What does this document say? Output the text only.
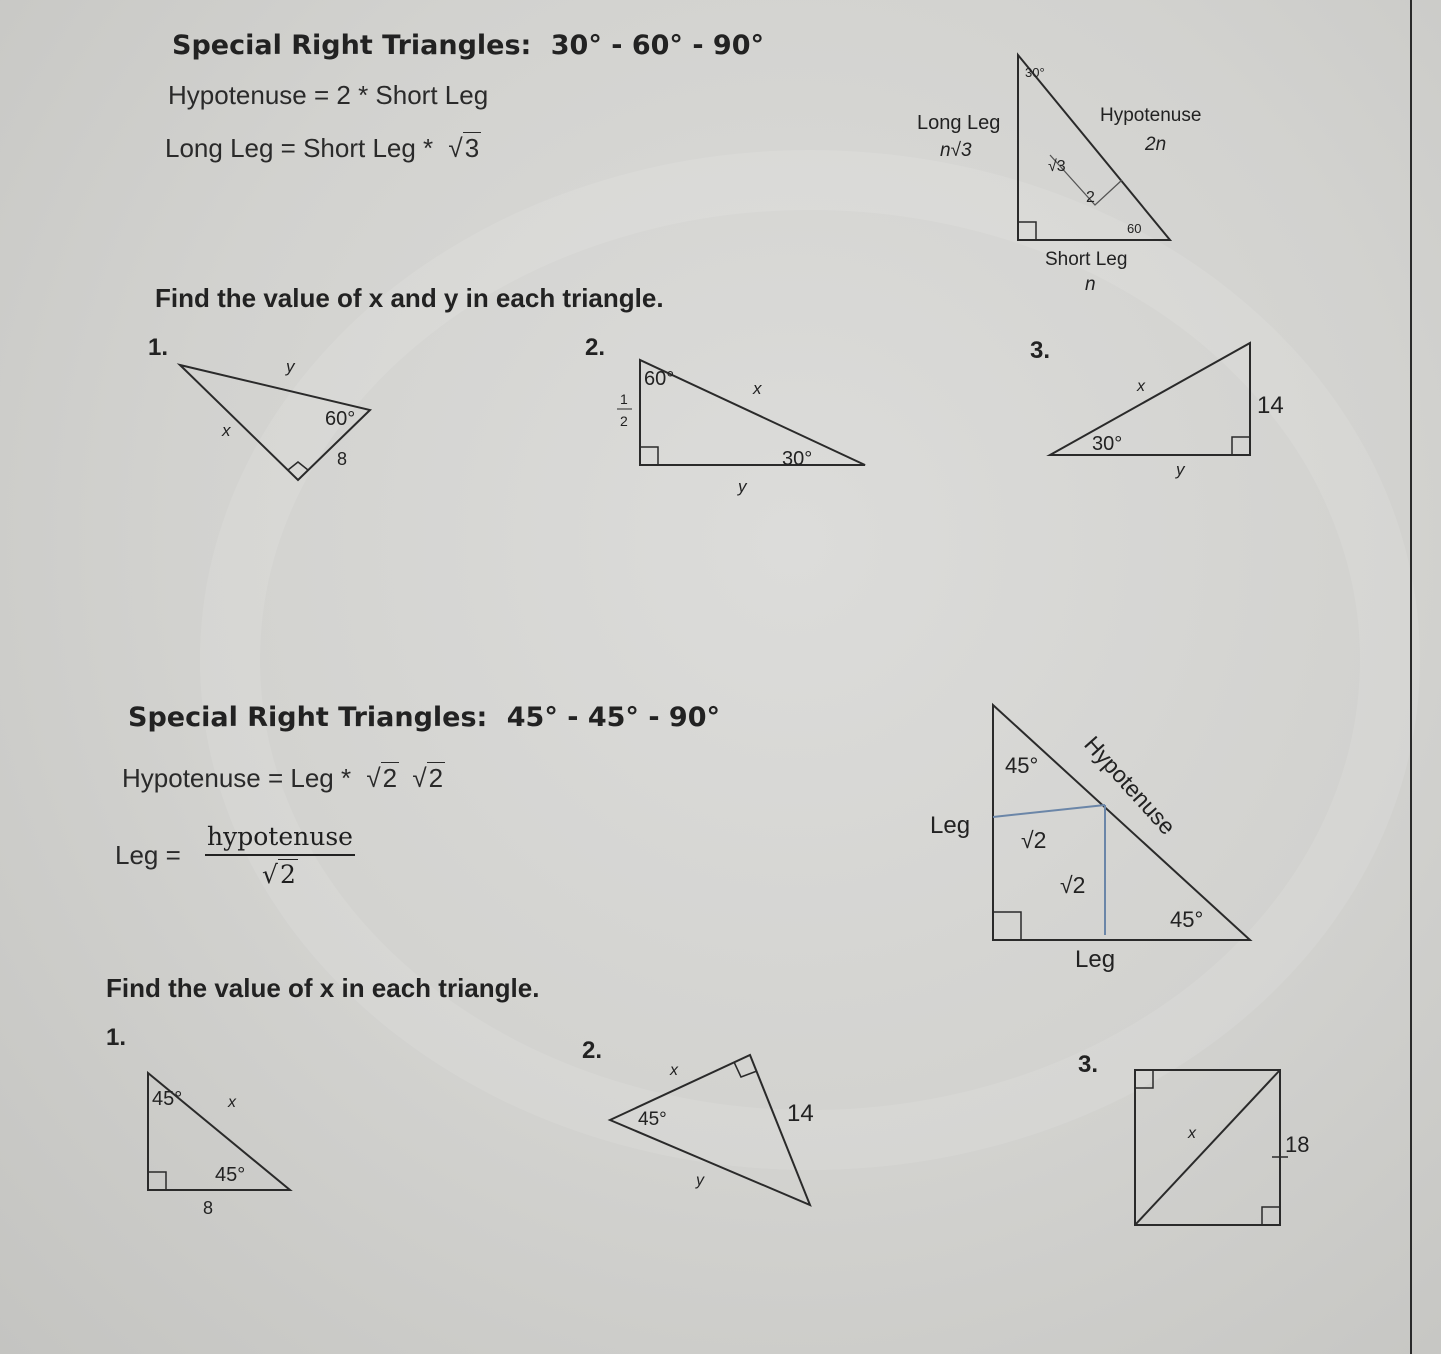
Special Right Triangles: 30° - 60° - 90°
Hypotenuse = 2 * Short Leg
Long Leg = Short Leg * √3
30°
Long Leg
n√3
Hypotenuse
2n
√3
2
60
Short Leg
n
Find the value of x and y in each triangle.
1.
y
x
60°
8
2.
60°	x
1
2
30°
y
3.
x
14
30°
y
Special Right Triangles: 45° - 45° - 90°
Hypotenuse = Leg * √2 √2
Leg =
hypotenuse
√2
45° Hypotenuse
Leg
√2
√2
45°
Leg
Find the value of x in each triangle.
1.
45°	x
45°
8
2.
x
45°	14
y
3.
x	18
